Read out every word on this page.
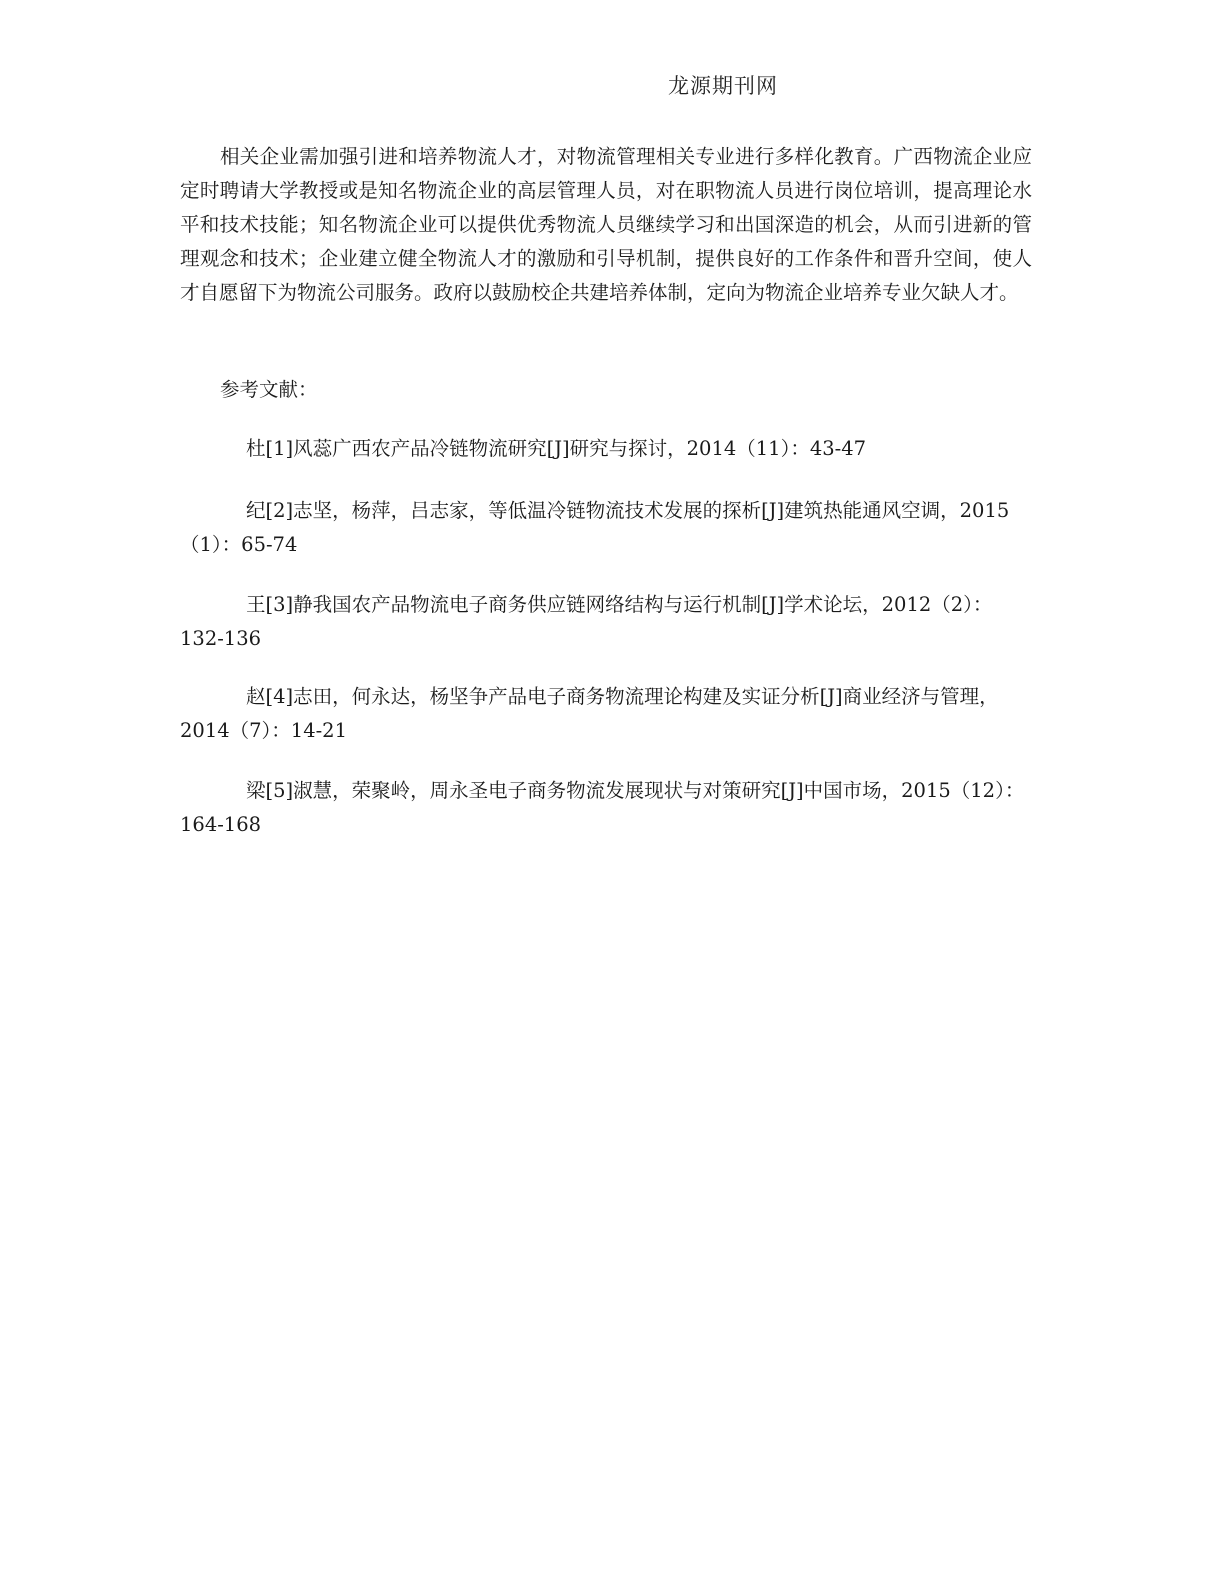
龙源期刊网

相关企业需加强引进和培养物流人才，对物流管理相关专业进行多样化教育。广西物流企业应定时聘请大学教授或是知名物流企业的高层管理人员，对在职物流人员进行岗位培训，提高理论水平和技术技能；知名物流企业可以提供优秀物流人员继续学习和出国深造的机会，从而引进新的管理观念和技术；企业建立健全物流人才的激励和引导机制，提供良好的工作条件和晋升空间，使人才自愿留下为物流公司服务。政府以鼓励校企共建培养体制，定向为物流企业培养专业欠缺人才。

参考文献：

杜[1]风蕊广西农产品冷链物流研究[J]研究与探讨，2014（11）：43-47

纪[2]志坚，杨萍，吕志家，等低温冷链物流技术发展的探析[J]建筑热能通风空调，2015（1）：65-74

王[3]静我国农产品物流电子商务供应链网络结构与运行机制[J]学术论坛，2012（2）：132-136

赵[4]志田，何永达，杨坚争产品电子商务物流理论构建及实证分析[J]商业经济与管理，2014（7）：14-21

梁[5]淑慧，荣聚岭，周永圣电子商务物流发展现状与对策研究[J]中国市场，2015（12）：164-168
